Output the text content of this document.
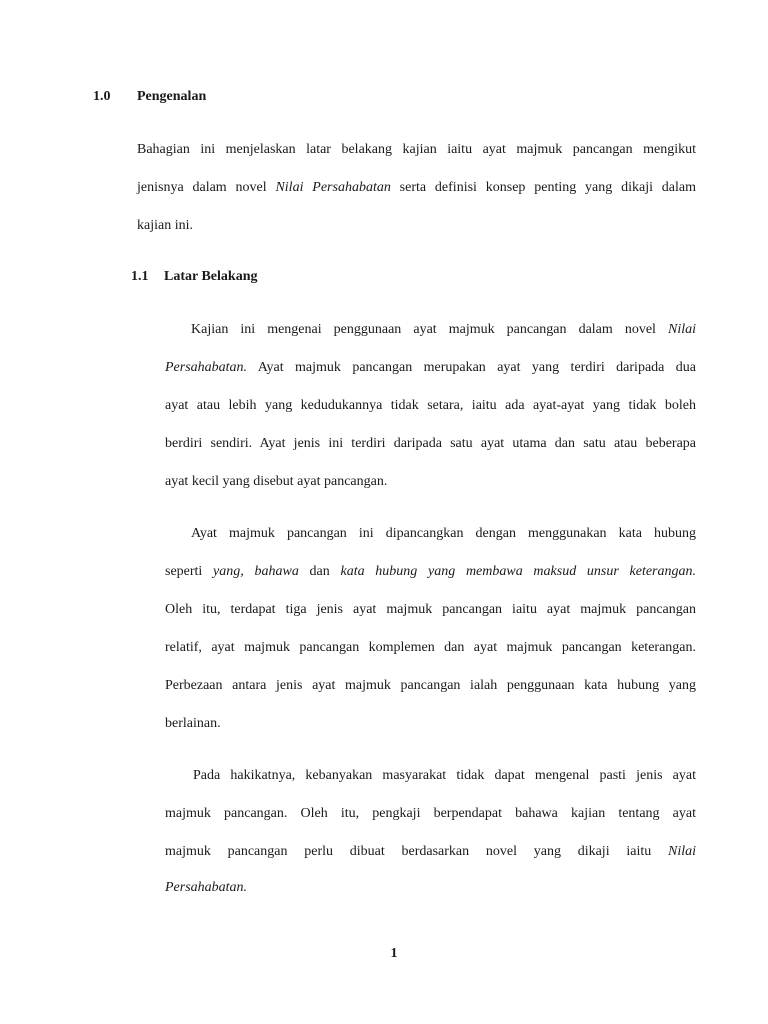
1.0 Pengenalan
Bahagian ini menjelaskan latar belakang kajian iaitu ayat majmuk pancangan mengikut
jenisnya dalam novel Nilai Persahabatan serta definisi konsep penting yang dikaji dalam
kajian ini.
1.1 Latar Belakang
Kajian ini mengenai penggunaan ayat majmuk pancangan dalam novel Nilai
Persahabatan. Ayat majmuk pancangan merupakan ayat yang terdiri daripada dua
ayat atau lebih yang kedudukannya tidak setara, iaitu ada ayat-ayat yang tidak boleh
berdiri sendiri. Ayat jenis ini terdiri daripada satu ayat utama dan satu atau beberapa
ayat kecil yang disebut ayat pancangan.
Ayat majmuk pancangan ini dipancangkan dengan menggunakan kata hubung
seperti yang, bahawa dan kata hubung yang membawa maksud unsur keterangan.
Oleh itu, terdapat tiga jenis ayat majmuk pancangan iaitu ayat majmuk pancangan
relatif, ayat majmuk pancangan komplemen dan ayat majmuk pancangan keterangan.
Perbezaan antara jenis ayat majmuk pancangan ialah penggunaan kata hubung yang
berlainan.
Pada hakikatnya, kebanyakan masyarakat tidak dapat mengenal pasti jenis ayat
majmuk pancangan. Oleh itu, pengkaji berpendapat bahawa kajian tentang ayat
majmuk pancangan perlu dibuat berdasarkan novel yang dikaji iaitu Nilai
Persahabatan.
1
